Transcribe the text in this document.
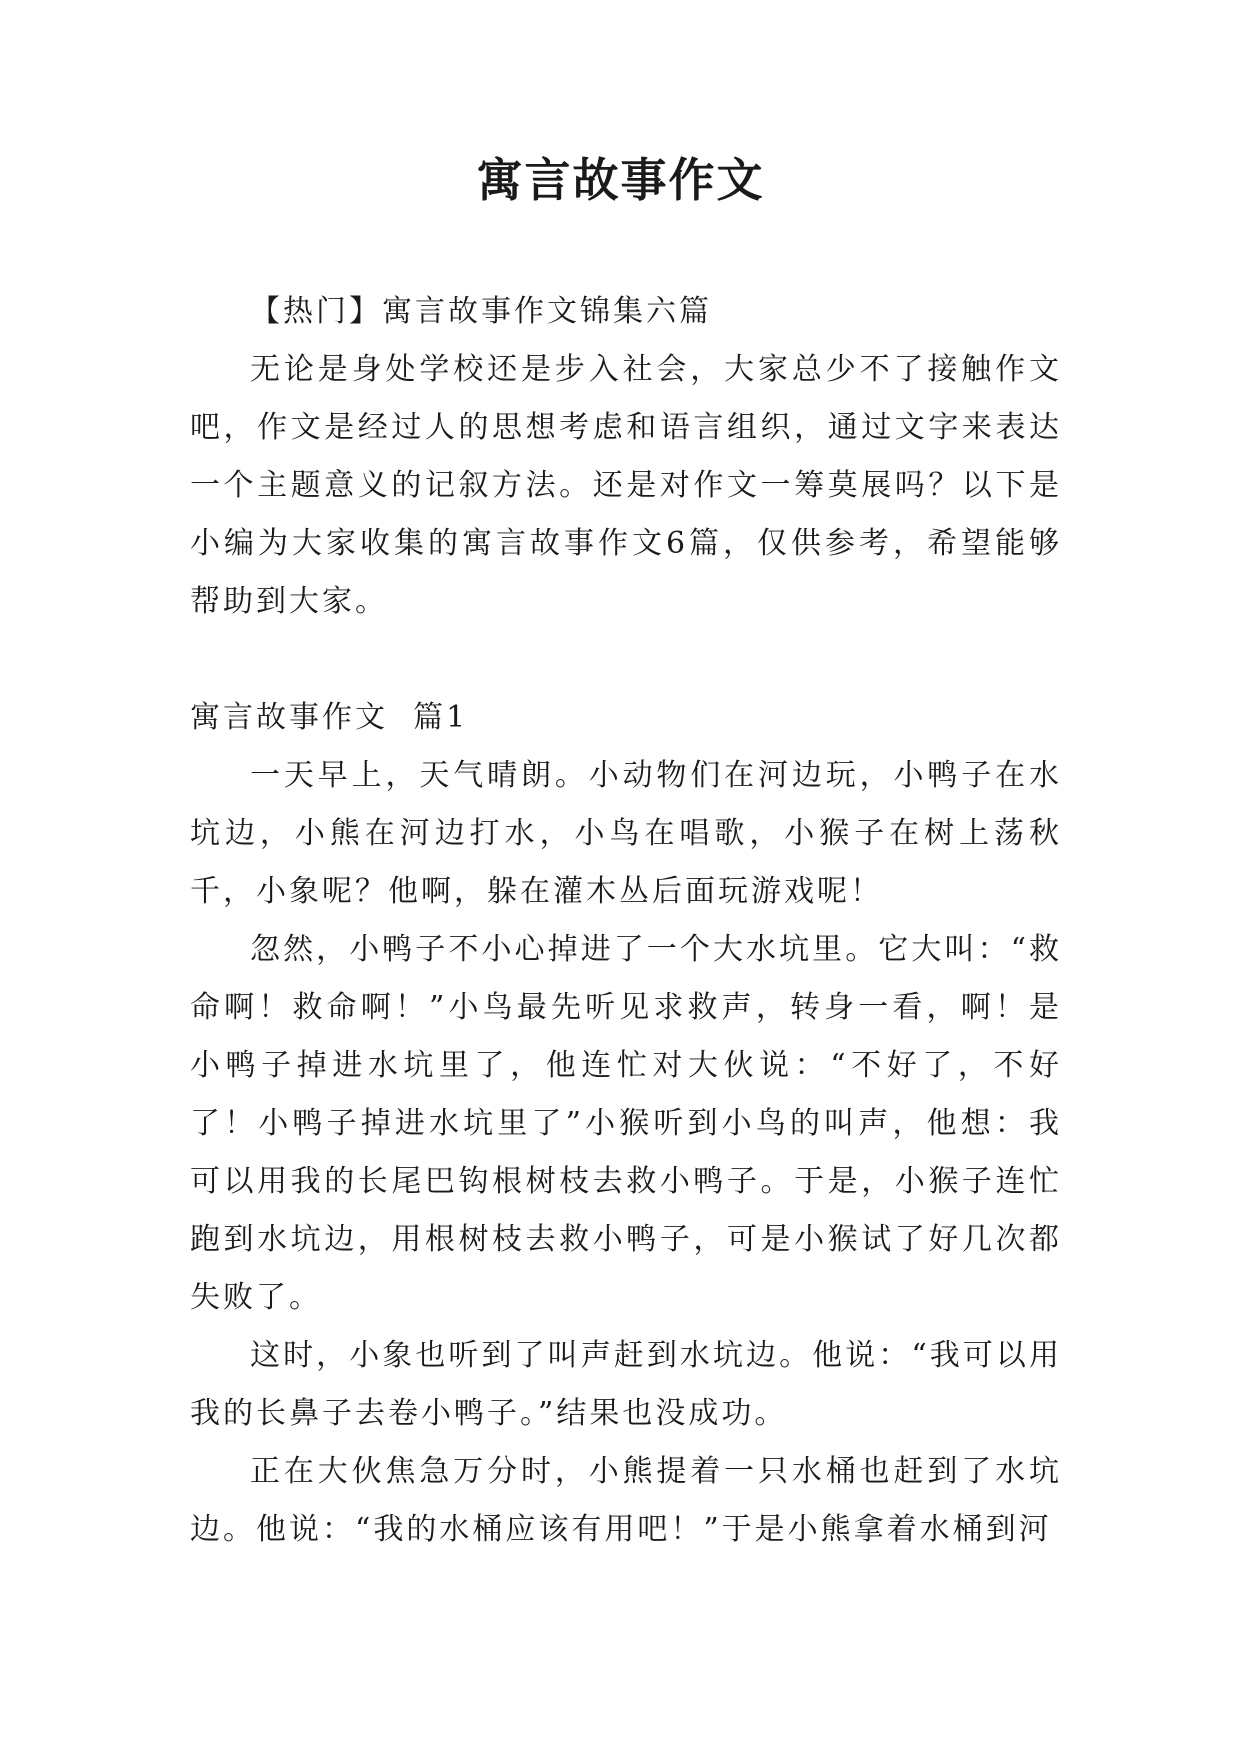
寓言故事作文

【热门】寓言故事作文锦集六篇

无论是身处学校还是步入社会，大家总少不了接触作文吧，作文是经过人的思想考虑和语言组织，通过文字来表达一个主题意义的记叙方法。还是对作文一筹莫展吗？以下是小编为大家收集的寓言故事作文6篇，仅供参考，希望能够帮助到大家。

寓言故事作文  篇1

一天早上，天气晴朗。小动物们在河边玩，小鸭子在水坑边，小熊在河边打水，小鸟在唱歌，小猴子在树上荡秋千，小象呢？他啊，躲在灌木丛后面玩游戏呢！

忽然，小鸭子不小心掉进了一个大水坑里。它大叫：“救命啊！救命啊！”小鸟最先听见求救声，转身一看，啊！是小鸭子掉进水坑里了，他连忙对大伙说：“不好了，不好了！小鸭子掉进水坑里了”小猴听到小鸟的叫声，他想：我可以用我的长尾巴钩根树枝去救小鸭子。于是，小猴子连忙跑到水坑边，用根树枝去救小鸭子，可是小猴试了好几次都失败了。

这时，小象也听到了叫声赶到水坑边。他说：“我可以用我的长鼻子去卷小鸭子。”结果也没成功。

正在大伙焦急万分时，小熊提着一只水桶也赶到了水坑边。他说：“我的水桶应该有用吧！”于是小熊拿着水桶到河
